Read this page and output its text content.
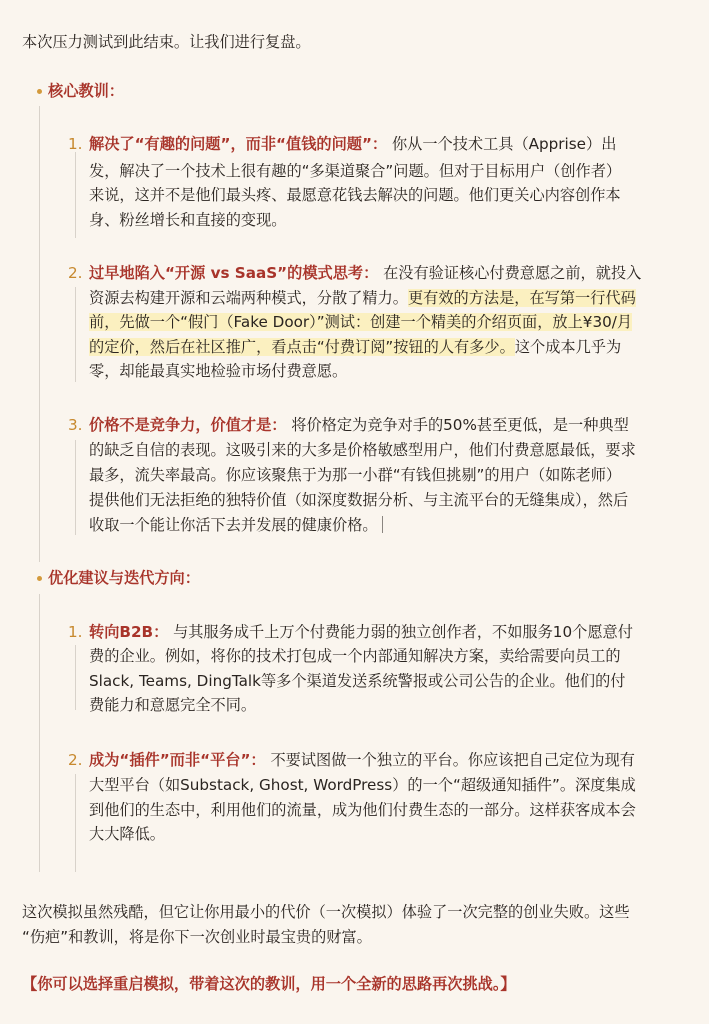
本次压力测试到此结束。让我们进行复盘。
核心教训：
1. 解决了“有趣的问题”，而非“值钱的问题”： 你从一个技术工具（Apprise）出
发，解决了一个技术上很有趣的“多渠道聚合”问题。但对于目标用户（创作者）
来说，这并不是他们最头疼、最愿意花钱去解决的问题。他们更关心内容创作本
身、粉丝增长和直接的变现。
2. 过早地陷入“开源 vs SaaS”的模式思考： 在没有验证核心付费意愿之前，就投入
资源去构建开源和云端两种模式，分散了精力。更有效的方法是，在写第一行代码
前，先做一个“假门（Fake Door）”测试：创建一个精美的介绍页面，放上¥30/月
的定价，然后在社区推广，看点击“付费订阅”按钮的人有多少。这个成本几乎为
零，却能最真实地检验市场付费意愿。
3. 价格不是竞争力，价值才是： 将价格定为竞争对手的50%甚至更低，是一种典型
的缺乏自信的表现。这吸引来的大多是价格敏感型用户，他们付费意愿最低，要求
最多，流失率最高。你应该聚焦于为那一小群“有钱但挑剔”的用户（如陈老师）
提供他们无法拒绝的独特价值（如深度数据分析、与主流平台的无缝集成），然后
收取一个能让你活下去并发展的健康价格。
优化建议与迭代方向：
1. 转向B2B： 与其服务成千上万个付费能力弱的独立创作者，不如服务10个愿意付
费的企业。例如，将你的技术打包成一个内部通知解决方案，卖给需要向员工的
Slack, Teams, DingTalk等多个渠道发送系统警报或公司公告的企业。他们的付
费能力和意愿完全不同。
2. 成为“插件”而非“平台”： 不要试图做一个独立的平台。你应该把自己定位为现有
大型平台（如Substack, Ghost, WordPress）的一个“超级通知插件”。深度集成
到他们的生态中，利用他们的流量，成为他们付费生态的一部分。这样获客成本会
大大降低。
这次模拟虽然残酷，但它让你用最小的代价（一次模拟）体验了一次完整的创业失败。这些
“伤疤”和教训，将是你下一次创业时最宝贵的财富。
【你可以选择重启模拟，带着这次的教训，用一个全新的思路再次挑战。】
